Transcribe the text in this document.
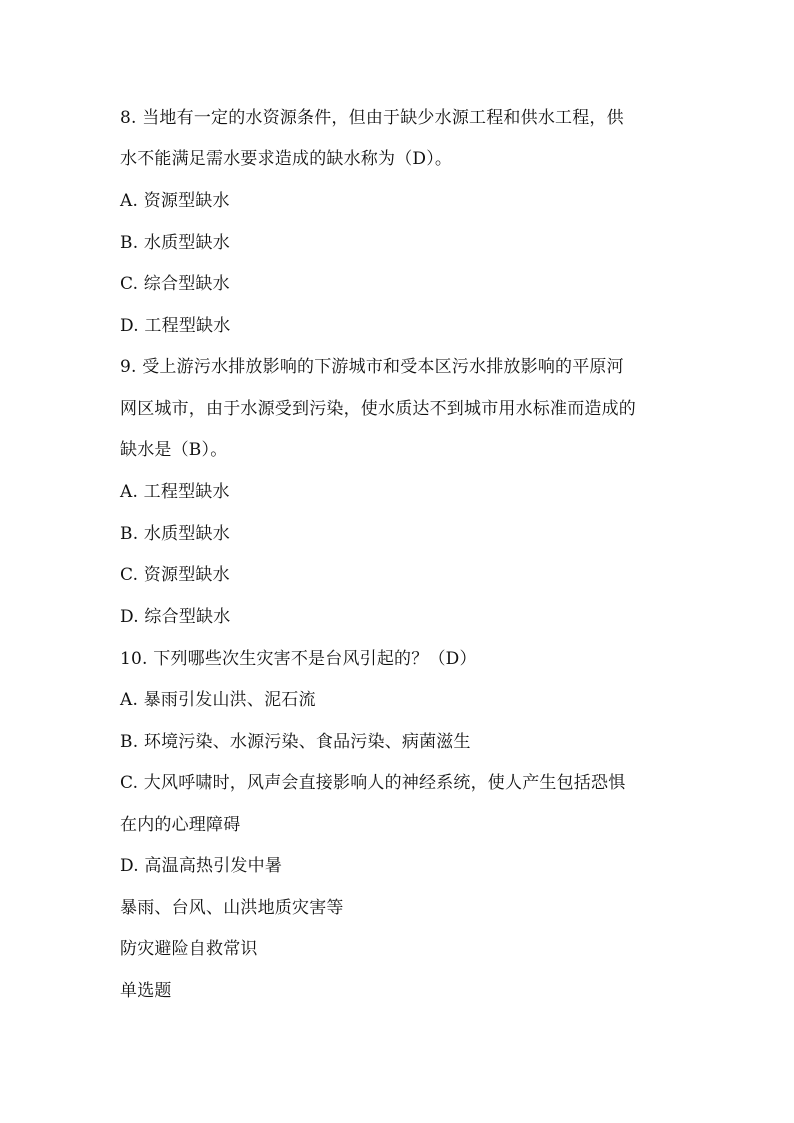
8. 当地有一定的水资源条件，但由于缺少水源工程和供水工程，供
水不能满足需水要求造成的缺水称为（D）。
A. 资源型缺水
B. 水质型缺水
C. 综合型缺水
D. 工程型缺水
9. 受上游污水排放影响的下游城市和受本区污水排放影响的平原河
网区城市，由于水源受到污染，使水质达不到城市用水标准而造成的
缺水是（B）。
A. 工程型缺水
B. 水质型缺水
C. 资源型缺水
D. 综合型缺水
10. 下列哪些次生灾害不是台风引起的？（D）
A. 暴雨引发山洪、泥石流
B. 环境污染、水源污染、食品污染、病菌滋生
C. 大风呼啸时，风声会直接影响人的神经系统，使人产生包括恐惧
在内的心理障碍
D. 高温高热引发中暑
暴雨、台风、山洪地质灾害等
防灾避险自救常识
单选题
